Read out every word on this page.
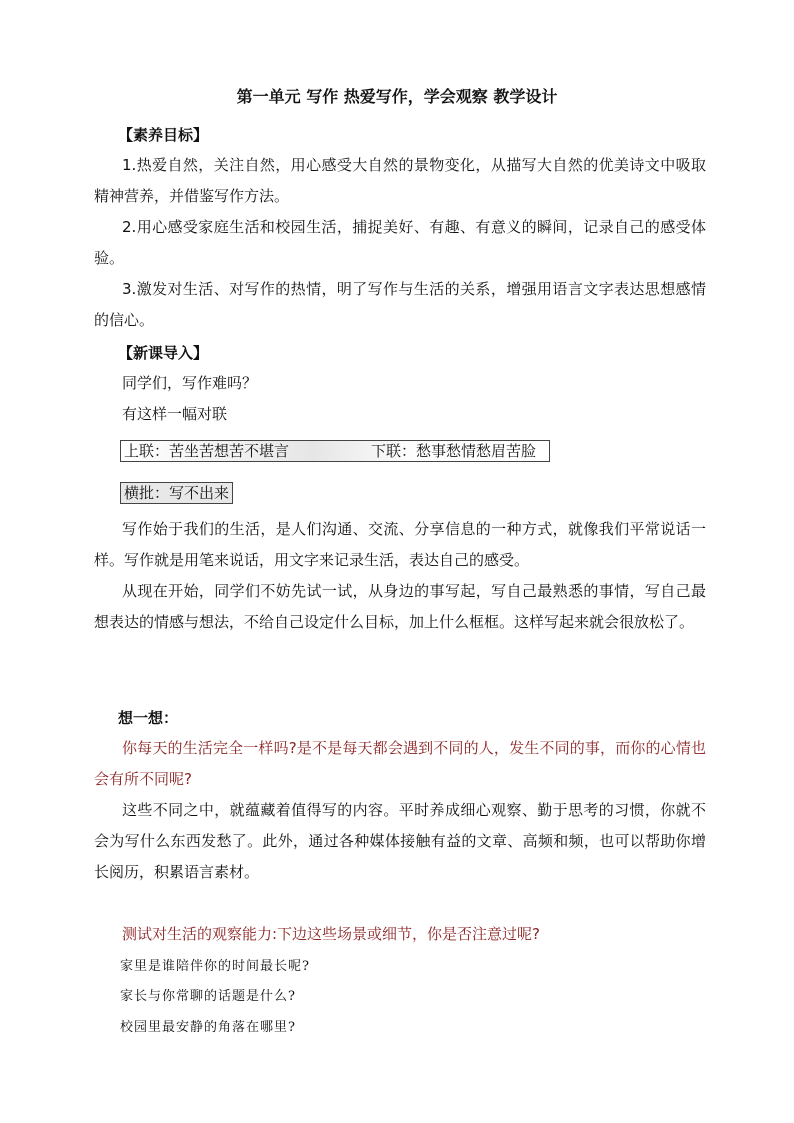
第一单元 写作 热爱写作，学会观察 教学设计

【素养目标】

1.热爱自然，关注自然，用心感受大自然的景物变化，从描写大自然的优美诗文中吸取精神营养，并借鉴写作方法。

2.用心感受家庭生活和校园生活，捕捉美好、有趣、有意义的瞬间，记录自己的感受体验。

3.激发对生活、对写作的热情，明了写作与生活的关系，增强用语言文字表达思想感情的信心。

【新课导入】

同学们，写作难吗？

有这样一幅对联

上联：苦坐苦想苦不堪言	下联：愁事愁情愁眉苦脸
横批：写不出来

写作始于我们的生活，是人们沟通、交流、分享信息的一种方式，就像我们平常说话一样。写作就是用笔来说话，用文字来记录生活，表达自己的感受。

从现在开始，同学们不妨先试一试，从身边的事写起，写自己最熟悉的事情，写自己最想表达的情感与想法，不给自己设定什么目标，加上什么框框。这样写起来就会很放松了。

想一想：

你每天的生活完全一样吗?是不是每天都会遇到不同的人，发生不同的事，而你的心情也会有所不同呢?

这些不同之中，就蕴藏着值得写的内容。平时养成细心观察、勤于思考的习惯，你就不会为写什么东西发愁了。此外，通过各种媒体接触有益的文章、高频和频，也可以帮助你增长阅历，积累语言素材。

测试对生活的观察能力:下边这些场景或细节，你是否注意过呢?

家里是谁陪伴你的时间最长呢?

家长与你常聊的话题是什么?

校园里最安静的角落在哪里?
